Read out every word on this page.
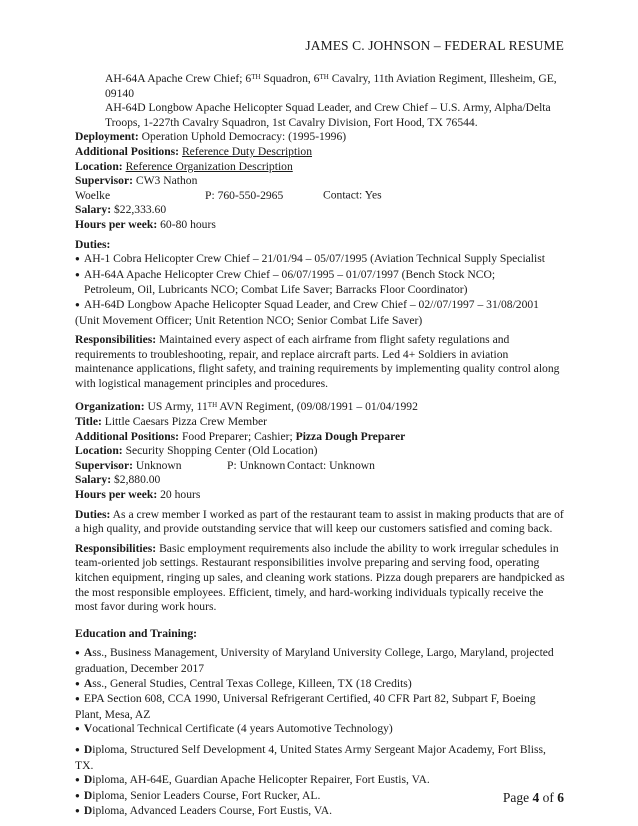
JAMES C. JOHNSON – FEDERAL RESUME

AH-64A Apache Crew Chief; 6TH Squadron, 6TH Cavalry, 11th Aviation Regiment, Illesheim, GE, 09140

AH-64D Longbow Apache Helicopter Squad Leader, and Crew Chief – U.S. Army, Alpha/Delta Troops, 1-227th Cavalry Squadron, 1st Cavalry Division, Fort Hood, TX 76544.

Deployment: Operation Uphold Democracy: (1995-1996)

Additional Positions: Reference Duty Description

Location: Reference Organization Description

Supervisor: CW3 Nathon Woelke	P: 760-550-2965	Contact: Yes

Salary: $22,333.60

Hours per week: 60-80 hours

Duties:

● AH-1 Cobra Helicopter Crew Chief – 21/01/94 – 05/07/1995 (Aviation Technical Supply Specialist

● AH-64A Apache Helicopter Crew Chief – 06/07/1995 – 01/07/1997 (Bench Stock NCO;

Petroleum, Oil, Lubricants NCO; Combat Life Saver; Barracks Floor Coordinator)

● AH-64D Longbow Apache Helicopter Squad Leader, and Crew Chief – 02//07/1997 – 31/08/2001 (Unit Movement Officer; Unit Retention NCO; Senior Combat Life Saver)

Responsibilities: Maintained every aspect of each airframe from flight safety regulations and requirements to troubleshooting, repair, and replace aircraft parts. Led 4+ Soldiers in aviation maintenance applications, flight safety, and training requirements by implementing quality control along with logistical management principles and procedures.

Organization: US Army, 11TH AVN Regiment, (09/08/1991 – 01/04/1992

Title: Little Caesars Pizza Crew Member

Additional Positions: Food Preparer; Cashier; Pizza Dough Preparer

Location: Security Shopping Center (Old Location)

Supervisor: Unknown	P: Unknown Contact: Unknown

Salary: $2,880.00

Hours per week: 20 hours

Duties: As a crew member I worked as part of the restaurant team to assist in making products that are of a high quality, and provide outstanding service that will keep our customers satisfied and coming back.

Responsibilities: Basic employment requirements also include the ability to work irregular schedules in team-oriented job settings. Restaurant responsibilities involve preparing and serving food, operating kitchen equipment, ringing up sales, and cleaning work stations. Pizza dough preparers are handpicked as the most responsible employees. Efficient, timely, and hard-working individuals typically receive the most favor during work hours.

Education and Training:

● Ass., Business Management, University of Maryland University College, Largo, Maryland, projected graduation, December 2017

● Ass., General Studies, Central Texas College, Killeen, TX (18 Credits)

● EPA Section 608, CCA 1990, Universal Refrigerant Certified, 40 CFR Part 82, Subpart F, Boeing Plant, Mesa, AZ

● Vocational Technical Certificate (4 years Automotive Technology)

● Diploma, Structured Self Development 4, United States Army Sergeant Major Academy, Fort Bliss, TX.

● Diploma, AH-64E, Guardian Apache Helicopter Repairer, Fort Eustis, VA.

● Diploma, Senior Leaders Course, Fort Rucker, AL.

● Diploma, Advanced Leaders Course, Fort Eustis, VA.

Page 4 of 6
